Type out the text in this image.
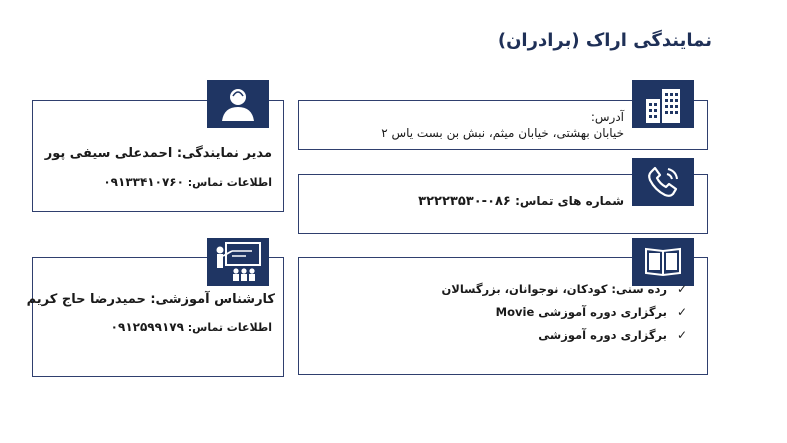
نمایندگی اراک (برادران)
مدیر نمایندگی: احمدعلی سیفی پور
اطلاعات تماس: ۰۹۱۳۳۴۱۰۷۶۰
کارشناس آموزشی: حمیدرضا حاج کریم
اطلاعات تماس: ۰۹۱۲۵۹۹۱۷۹
آدرس:
خیابان بهشتی، خیابان میثم، نبش بن بست یاس ۲
شماره های تماس: ۰۸۶-۳۲۲۲۳۵۳۰
✓
رده سنی: کودکان، نوجوانان، بزرگسالان
✓
برگزاری دوره آموزشی Movie
✓
برگزاری دوره آموزشی
